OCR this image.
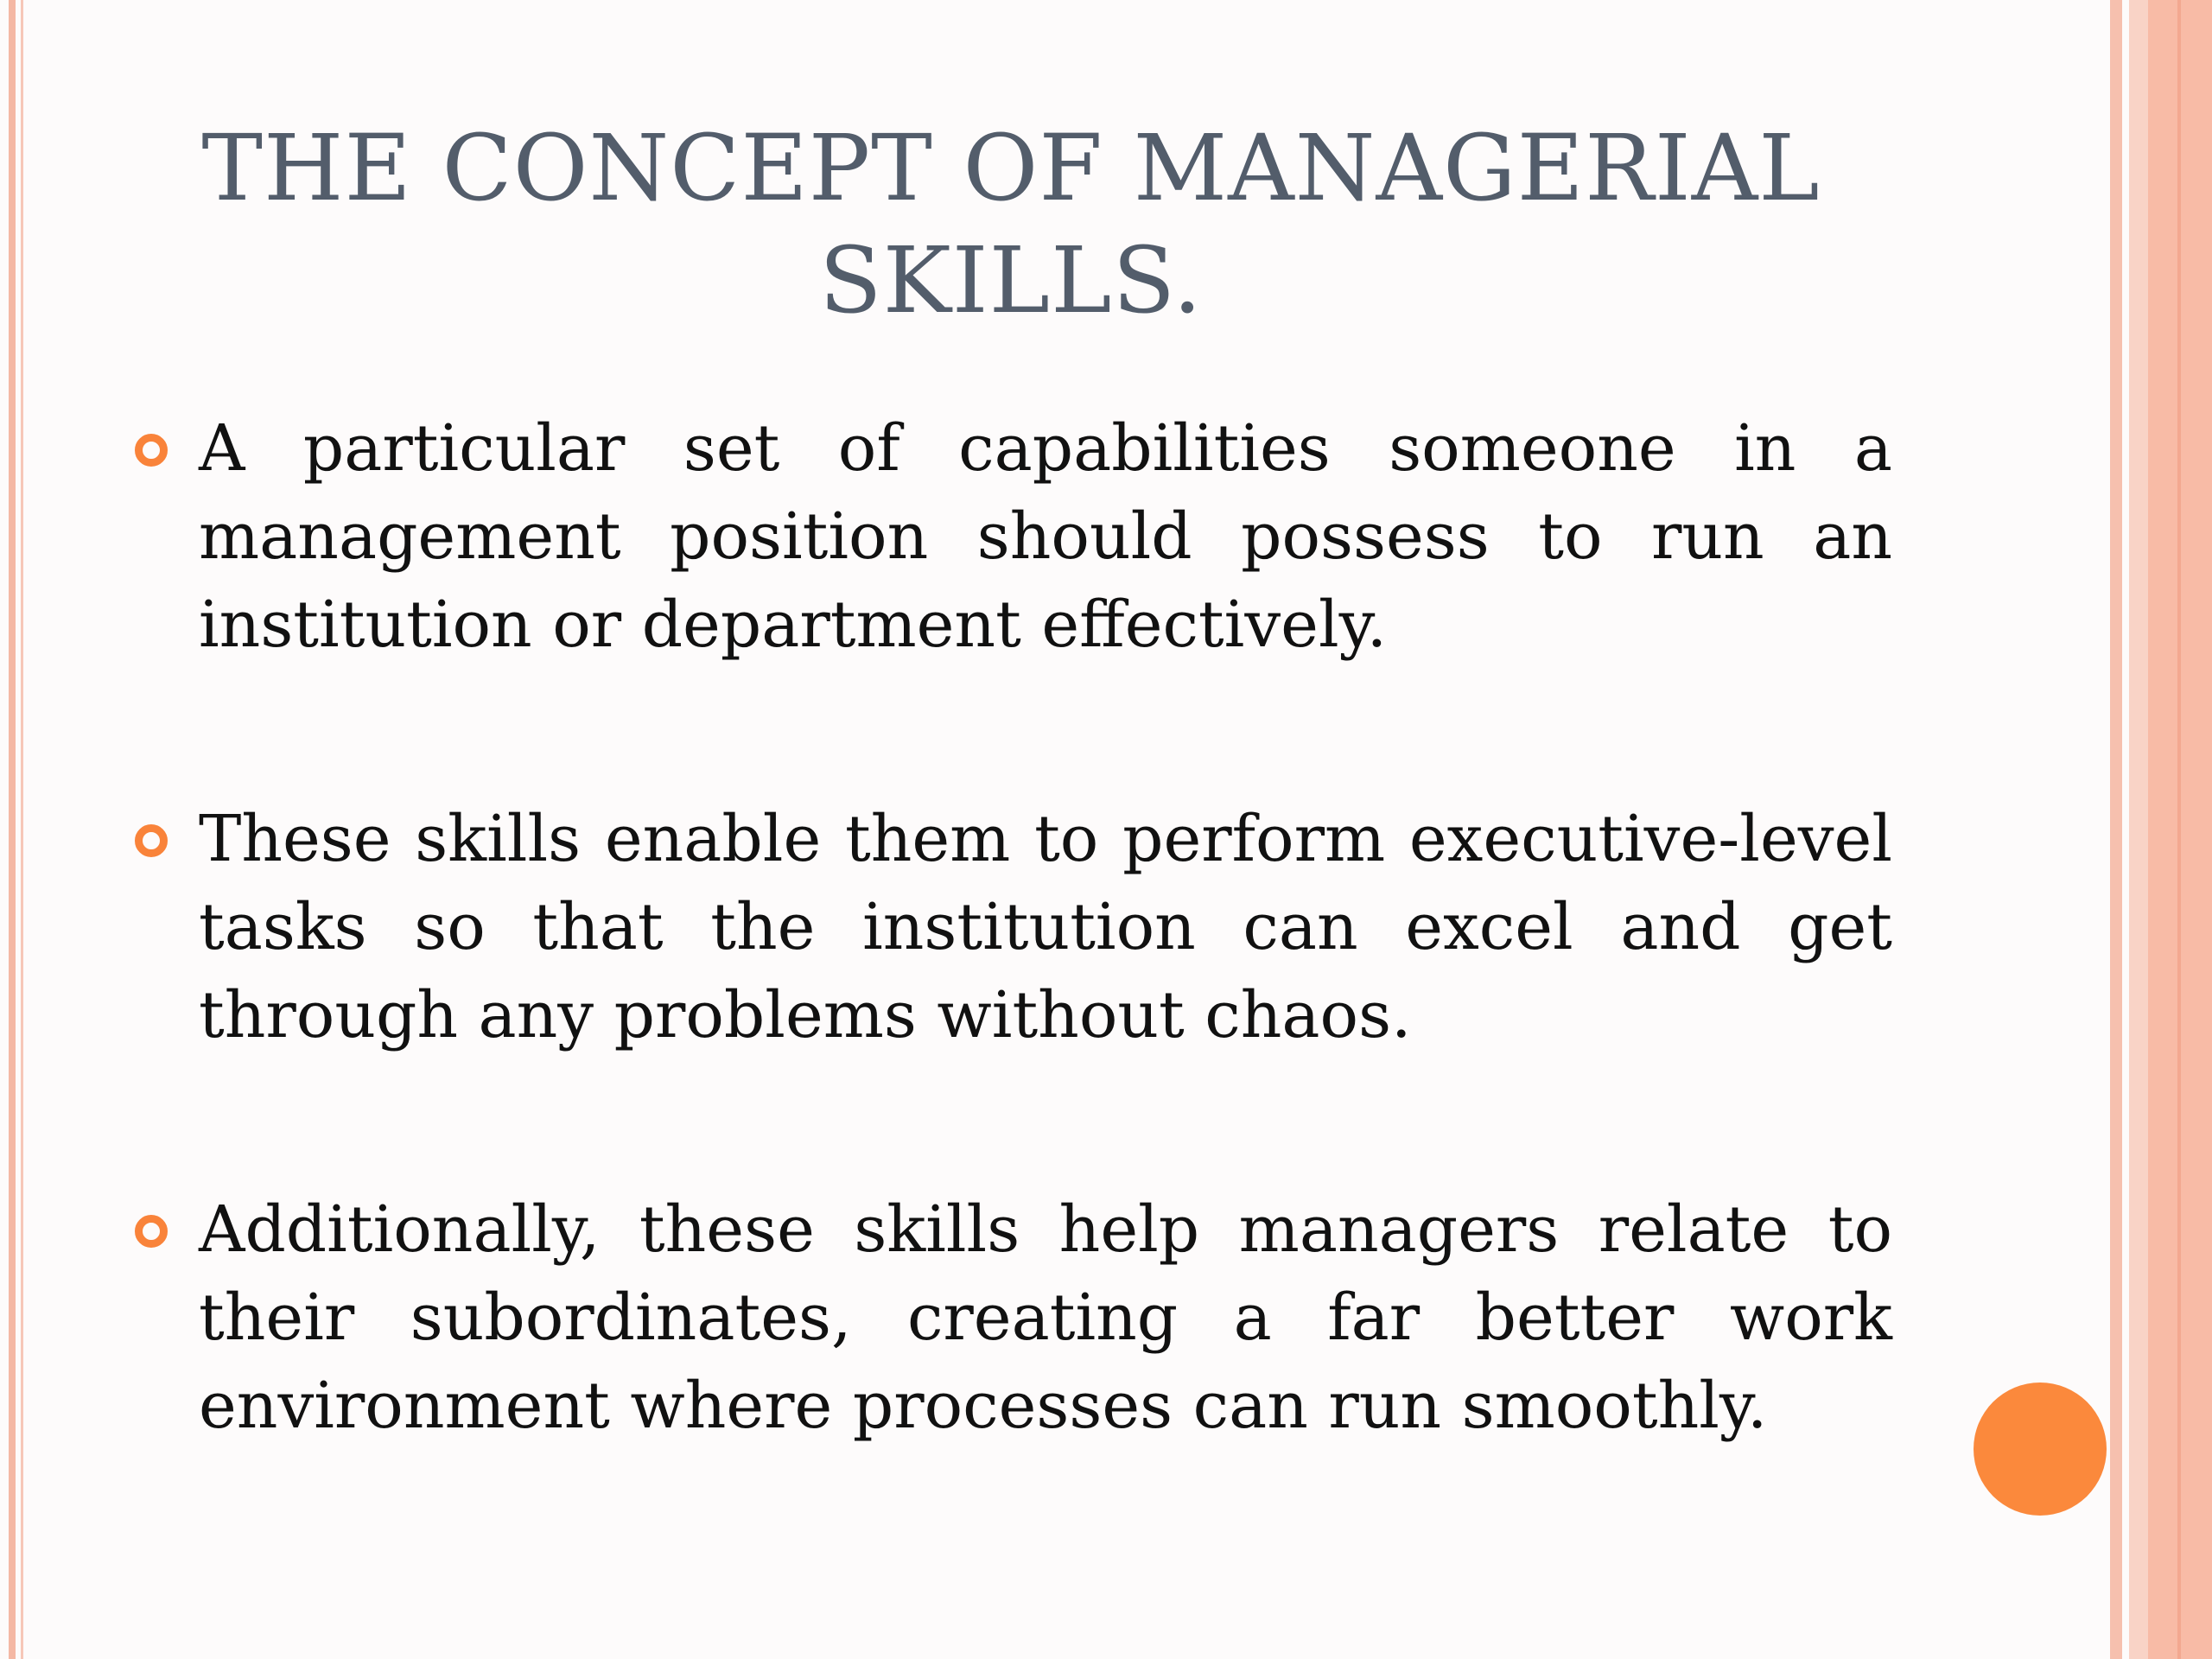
THE CONCEPT OF MANAGERIAL SKILLS.
A particular set of capabilities someone in a management position should possess to run an institution or department effectively.
These skills enable them to perform executive-level tasks so that the institution can excel and get through any problems without chaos.
Additionally, these skills help managers relate to their subordinates, creating a far better work environment where processes can run smoothly.
